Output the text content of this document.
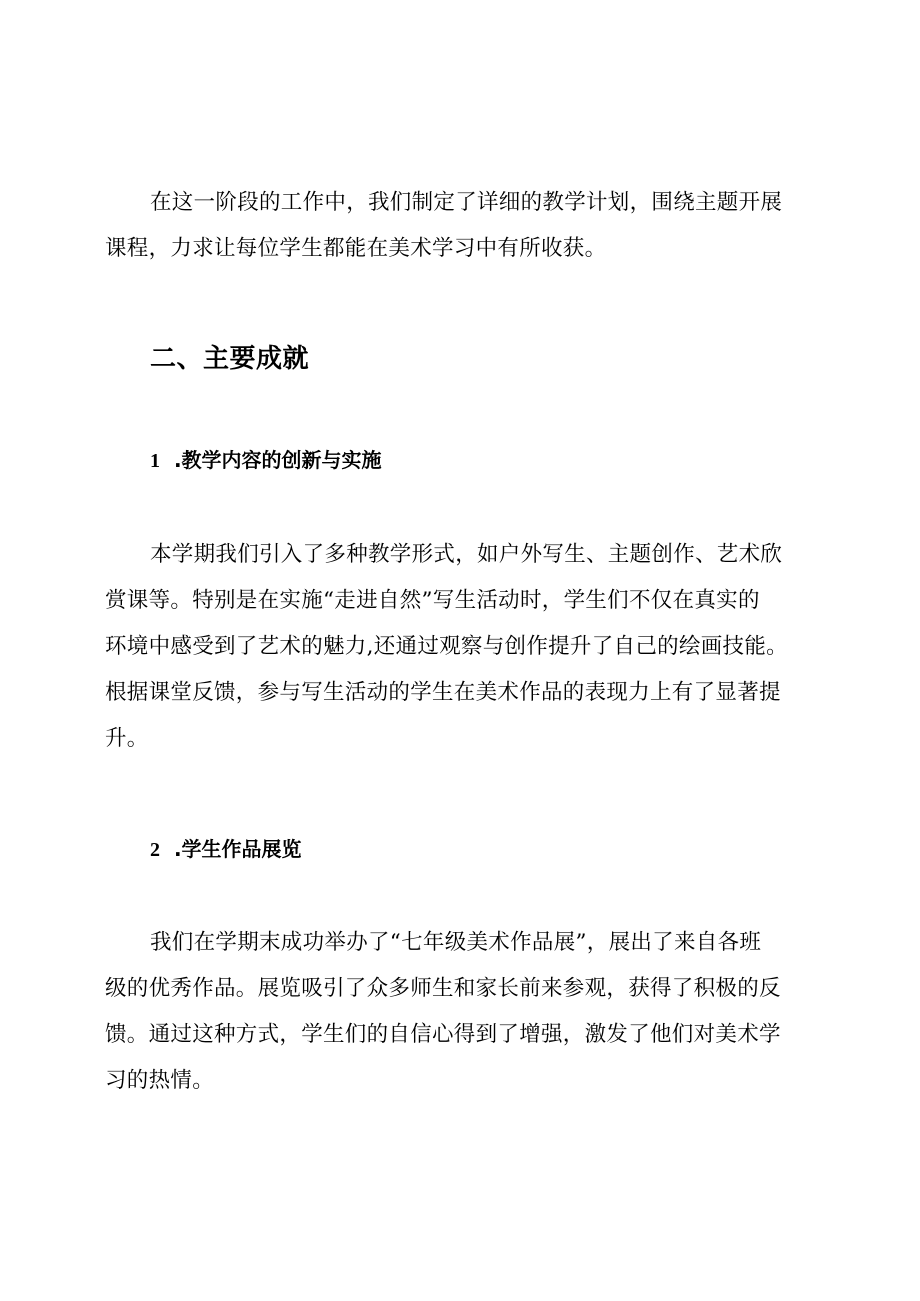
在这一阶段的工作中，我们制定了详细的教学计划，围绕主题开展

课程，力求让每位学生都能在美术学习中有所收获。

二、主要成就
1 .教学内容的创新与实施

本学期我们引入了多种教学形式，如户外写生、主题创作、艺术欣

赏课等。特别是在实施“走进自然”写生活动时，学生们不仅在真实的

环境中感受到了艺术的魅力,还通过观察与创作提升了自己的绘画技能。

根据课堂反馈，参与写生活动的学生在美术作品的表现力上有了显著提

升。

2 .学生作品展览

我们在学期末成功举办了“七年级美术作品展”，展出了来自各班

级的优秀作品。展览吸引了众多师生和家长前来参观，获得了积极的反

馈。通过这种方式，学生们的自信心得到了增强，激发了他们对美术学

习的热情。
